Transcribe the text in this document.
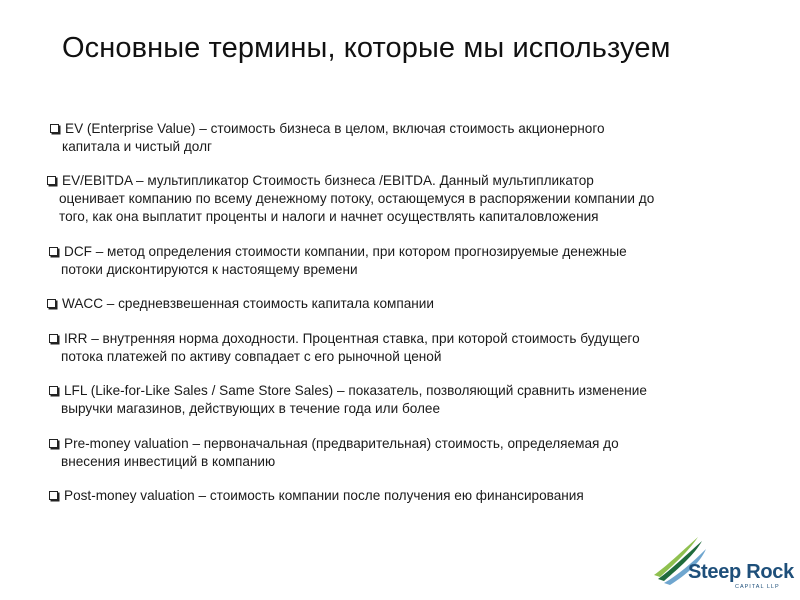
Основные термины, которые мы используем
EV (Enterprise Value) – стоимость бизнеса в целом, включая стоимость акционерного
капитала и чистый долг
EV/EBITDA – мультипликатор Стоимость бизнеса /EBITDA. Данный мультипликатор
оценивает компанию по всему денежному потоку, остающемуся в распоряжении компании до
того, как она выплатит проценты и налоги и начнет осуществлять капиталовложения
DCF – метод определения стоимости компании, при котором прогнозируемые денежные
потоки дисконтируются к настоящему времени
WACC – средневзвешенная стоимость капитала компании
IRR – внутренняя норма доходности. Процентная ставка, при которой стоимость будущего
потока платежей по активу совпадает с его рыночной ценой
LFL (Like-for-Like Sales / Same Store Sales) – показатель, позволяющий сравнить изменение
выручки магазинов, действующих в течение года или более
Pre-money valuation – первоначальная (предварительная) стоимость, определяемая до
внесения инвестиций в компанию
Post-money valuation – стоимость компании после получения ею финансирования
Steep Rock
CAPITAL LLP
